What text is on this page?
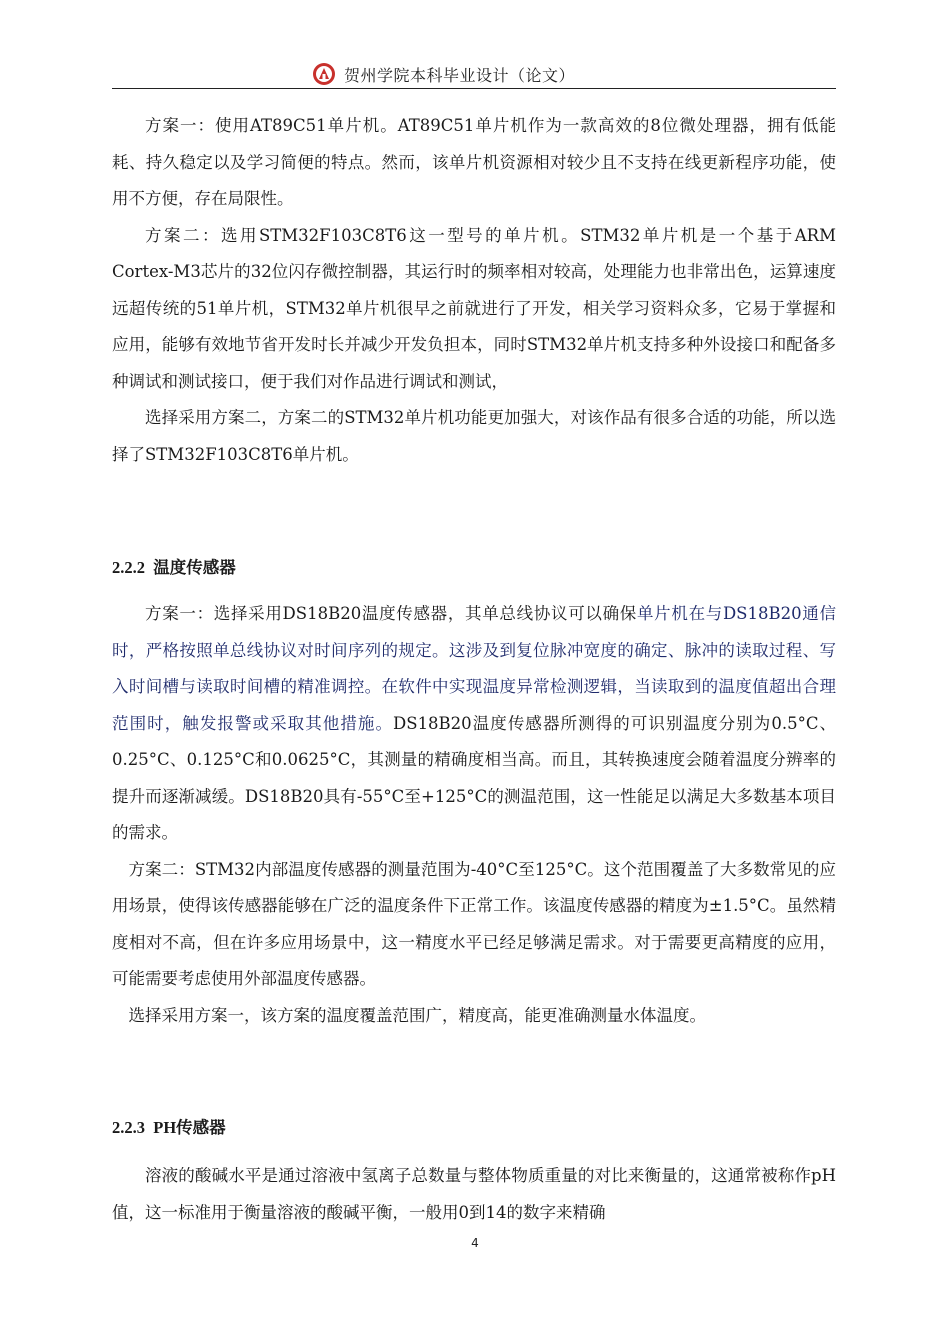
贺州学院本科毕业设计（论文）

方案一：使用AT89C51单片机。AT89C51单片机作为一款高效的8位微处理器，拥有低能耗、持久稳定以及学习简便的特点。然而，该单片机资源相对较少且不支持在线更新程序功能，使用不方便，存在局限性。

方案二：选用STM32F103C8T6这一型号的单片机。STM32单片机是一个基于ARM Cortex-M3芯片的32位闪存微控制器，其运行时的频率相对较高，处理能力也非常出色，运算速度远超传统的51单片机，STM32单片机很早之前就进行了开发，相关学习资料众多，它易于掌握和应用，能够有效地节省开发时长并减少开发负担本，同时STM32单片机支持多种外设接口和配备多种调试和测试接口，便于我们对作品进行调试和测试，

选择采用方案二，方案二的STM32单片机功能更加强大，对该作品有很多合适的功能，所以选择了STM32F103C8T6单片机。

2.2.2 温度传感器

方案一：选择采用DS18B20温度传感器，其单总线协议可以确保单片机在与DS18B20通信时，严格按照单总线协议对时间序列的规定。这涉及到复位脉冲宽度的确定、脉冲的读取过程、写入时间槽与读取时间槽的精准调控。在软件中实现温度异常检测逻辑，当读取到的温度值超出合理范围时，触发报警或采取其他措施。DS18B20温度传感器所测得的可识别温度分别为0.5°C、0.25°C、0.125°C和0.0625°C，其测量的精确度相当高。而且，其转换速度会随着温度分辨率的提升而逐渐减缓。DS18B20具有-55°C至+125°C的测温范围，这一性能足以满足大多数基本项目的需求。

方案二：STM32内部温度传感器的测量范围为-40°C至125°C。这个范围覆盖了大多数常见的应用场景，使得该传感器能够在广泛的温度条件下正常工作。该温度传感器的精度为±1.5°C。虽然精度相对不高，但在许多应用场景中，这一精度水平已经足够满足需求。对于需要更高精度的应用，可能需要考虑使用外部温度传感器。

选择采用方案一，该方案的温度覆盖范围广，精度高，能更准确测量水体温度。

2.2.3 PH传感器

溶液的酸碱水平是通过溶液中氢离子总数量与整体物质重量的对比来衡量的，这通常被称作pH值，这一标准用于衡量溶液的酸碱平衡，一般用0到14的数字来精确

4
